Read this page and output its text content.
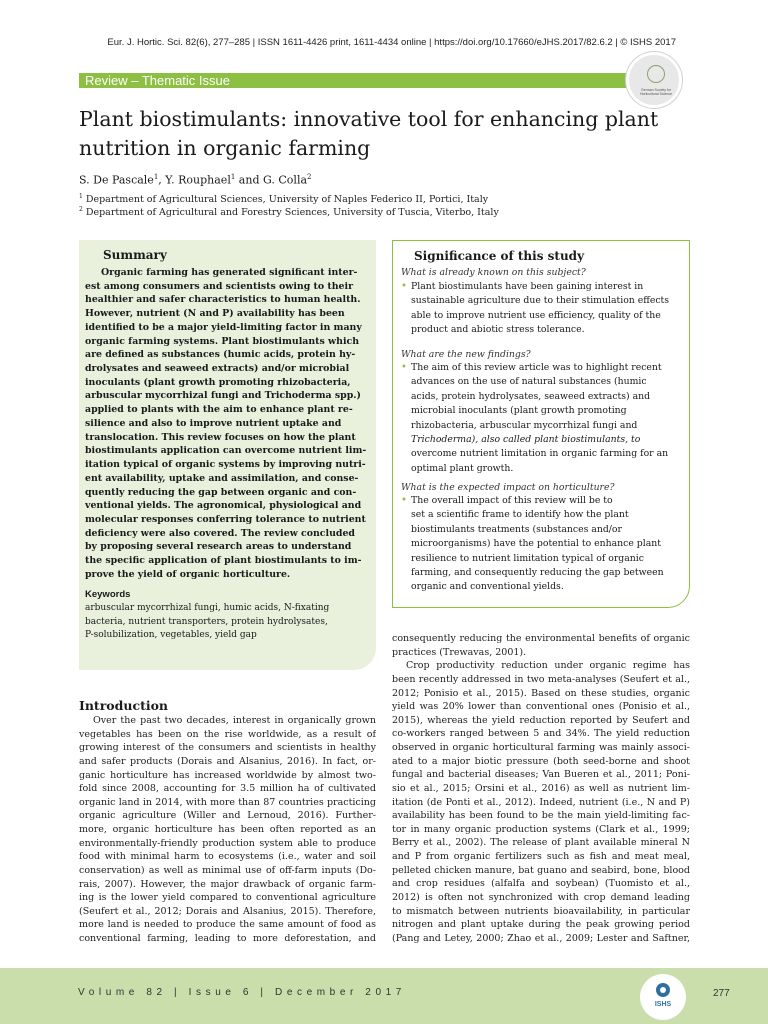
Eur. J. Hortic. Sci. 82(6), 277–285 | ISSN 1611-4426 print, 1611-4434 online | https://doi.org/10.17660/eJHS.2017/82.6.2 | © ISHS 2017
Review – Thematic Issue
German Society for Horticultural Science
Plant biostimulants: innovative tool for enhancing plant
nutrition in organic farming
S. De Pascale$^1$, Y. Rouphael$^1$ and G. Colla$^2$
$^1$ Department of Agricultural Sciences, University of Naples Federico II, Portici, Italy
$^2$ Department of Agricultural and Forestry Sciences, University of Tuscia, Viterbo, Italy
Summary
Organic farming has generated significant inter-
est among consumers and scientists owing to their
healthier and safer characteristics to human health.
However, nutrient (N and P) availability has been
identified to be a major yield-limiting factor in many
organic farming systems. Plant biostimulants which
are defined as substances (humic acids, protein hy-
drolysates and seaweed extracts) and/or microbial
inoculants (plant growth promoting rhizobacteria,
arbuscular mycorrhizal fungi and Trichoderma spp.)
applied to plants with the aim to enhance plant re-
silience and also to improve nutrient uptake and
translocation. This review focuses on how the plant
biostimulants application can overcome nutrient lim-
itation typical of organic systems by improving nutri-
ent availability, uptake and assimilation, and conse-
quently reducing the gap between organic and con-
ventional yields. The agronomical, physiological and
molecular responses conferring tolerance to nutrient
deficiency were also covered. The review concluded
by proposing several research areas to understand
the specific application of plant biostimulants to im-
prove the yield of organic horticulture.
Keywords
arbuscular mycorrhizal fungi, humic acids, N-fixating
bacteria, nutrient transporters, protein hydrolysates,
P-solubilization, vegetables, yield gap
Significance of this study
What is already known on this subject?
• Plant biostimulants have been gaining interest in
sustainable agriculture due to their stimulation effects
able to improve nutrient use efficiency, quality of the
product and abiotic stress tolerance.
What are the new findings?
• The aim of this review article was to highlight recent
advances on the use of natural substances (humic
acids, protein hydrolysates, seaweed extracts) and
microbial inoculants (plant growth promoting
rhizobacteria, arbuscular mycorrhizal fungi and
Trichoderma), also called plant biostimulants, to
overcome nutrient limitation in organic farming for an
optimal plant growth.
What is the expected impact on horticulture?
• The overall impact of this review will be to
set a scientific frame to identify how the plant
biostimulants treatments (substances and/or
microorganisms) have the potential to enhance plant
resilience to nutrient limitation typical of organic
farming, and consequently reducing the gap between
organic and conventional yields.
Introduction
Over the past two decades, interest in organically grown
vegetables has been on the rise worldwide, as a result of
growing interest of the consumers and scientists in healthy
and safer products (Dorais and Alsanius, 2016). In fact, or-
ganic horticulture has increased worldwide by almost two-
fold since 2008, accounting for 3.5 million ha of cultivated
organic land in 2014, with more than 87 countries practicing
organic agriculture (Willer and Lernoud, 2016). Further-
more, organic horticulture has been often reported as an
environmentally-friendly production system able to produce
food with minimal harm to ecosystems (i.e., water and soil
conservation) as well as minimal use of off-farm inputs (Do-
rais, 2007). However, the major drawback of organic farm-
ing is the lower yield compared to conventional agriculture
(Seufert et al., 2012; Dorais and Alsanius, 2015). Therefore,
more land is needed to produce the same amount of food as
conventional farming, leading to more deforestation, and
consequently reducing the environmental benefits of organic
practices (Trewavas, 2001).
Crop productivity reduction under organic regime has
been recently addressed in two meta-analyses (Seufert et al.,
2012; Ponisio et al., 2015). Based on these studies, organic
yield was 20% lower than conventional ones (Ponisio et al.,
2015), whereas the yield reduction reported by Seufert and
co-workers ranged between 5 and 34%. The yield reduction
observed in organic horticultural farming was mainly associ-
ated to a major biotic pressure (both seed-borne and shoot
fungal and bacterial diseases; Van Bueren et al., 2011; Poni-
sio et al., 2015; Orsini et al., 2016) as well as nutrient lim-
itation (de Ponti et al., 2012). Indeed, nutrient (i.e., N and P)
availability has been found to be the main yield-limiting fac-
tor in many organic production systems (Clark et al., 1999;
Berry et al., 2002). The release of plant available mineral N
and P from organic fertilizers such as fish and meat meal,
pelleted chicken manure, bat guano and seabird, bone, blood
and crop residues (alfalfa and soybean) (Tuomisto et al.,
2012) is often not synchronized with crop demand leading
to mismatch between nutrients bioavailability, in particular
nitrogen and plant uptake during the peak growing period
(Pang and Letey, 2000; Zhao et al., 2009; Lester and Saftner,
Volume 82 | Issue 6 | December 2017
ISHS
277
